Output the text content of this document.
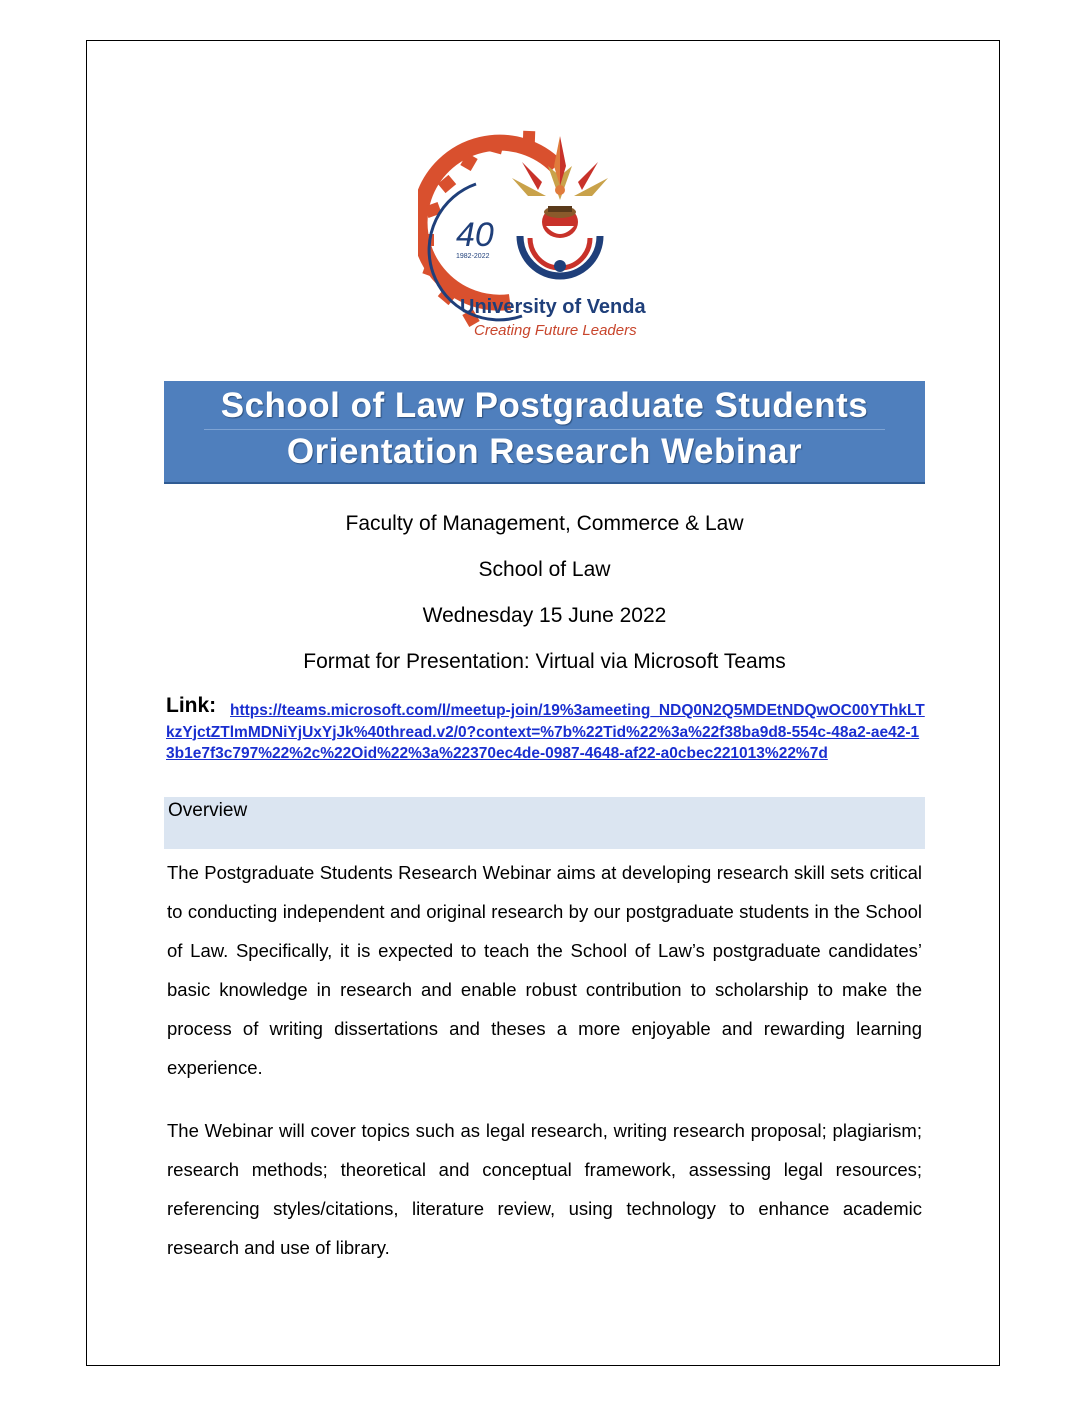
40
1982-2022
University of Venda
Creating Future Leaders
School of Law Postgraduate Students
Orientation Research Webinar
Faculty of Management, Commerce & Law
School of Law
Wednesday 15 June 2022
Format for Presentation: Virtual via Microsoft Teams
https://teams.microsoft.com/l/meetup-join/19%3ameeting_NDQ0N2Q5MDEtNDQwOC00YThkLTkzYjctZTlmMDNiYjUxYjJk%40thread.v2/0?context=%7b%22Tid%22%3a%22f38ba9d8-554c-48a2-ae42-13b1e7f3c797%22%2c%22Oid%22%3a%22370ec4de-0987-4648-af22-a0cbec221013%22%7d
Link:
Overview
The Postgraduate Students Research Webinar aims at developing research skill sets critical to conducting independent and original research by our postgraduate students in the School of Law. Specifically, it is expected to teach the School of Law’s postgraduate candidates’ basic knowledge in research and enable robust contribution to scholarship to make the process of writing dissertations and theses a more enjoyable and rewarding learning experience.
The Webinar will cover topics such as legal research, writing research proposal; plagiarism; research methods; theoretical and conceptual framework, assessing legal resources; referencing styles/citations, literature review, using technology to enhance academic research and use of library.
